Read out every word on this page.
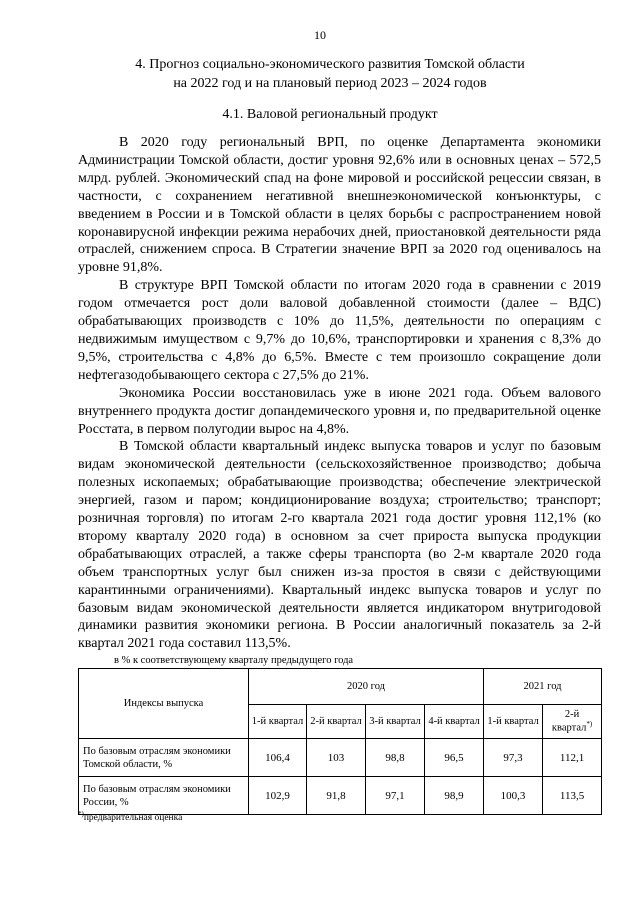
10
4. Прогноз социально-экономического развития Томской области
на 2022 год и на плановый период 2023 – 2024 годов
4.1. Валовой региональный продукт

В 2020 году региональный ВРП, по оценке Департамента экономики Администрации Томской области, достиг уровня 92,6% или в основных ценах – 572,5 млрд. рублей. Экономический спад на фоне мировой и российской рецессии связан, в частности, с сохранением негативной внешнеэкономической конъюнктуры, с введением в России и в Томской области в целях борьбы с распространением новой коронавирусной инфекции режима нерабочих дней, приостановкой деятельности ряда отраслей, снижением спроса. В Стратегии значение ВРП за 2020 год оценивалось на уровне 91,8%.

В структуре ВРП Томской области по итогам 2020 года в сравнении с 2019 годом отмечается рост доли валовой добавленной стоимости (далее – ВДС) обрабатывающих производств с 10% до 11,5%, деятельности по операциям с недвижимым имуществом с 9,7% до 10,6%, транспортировки и хранения с 8,3% до 9,5%, строительства с 4,8% до 6,5%. Вместе с тем произошло сокращение доли нефтегазодобывающего сектора с 27,5% до 21%.

Экономика России восстановилась уже в июне 2021 года. Объем валового внутреннего продукта достиг допандемического уровня и, по предварительной оценке Росстата, в первом полугодии вырос на 4,8%.

В Томской области квартальный индекс выпуска товаров и услуг по базовым видам экономической деятельности (сельскохозяйственное производство; добыча полезных ископаемых; обрабатывающие производства; обеспечение электрической энергией, газом и паром; кондиционирование воздуха; строительство; транспорт; розничная торговля) по итогам 2-го квартала 2021 года достиг уровня 112,1% (ко второму кварталу 2020 года) в основном за счет прироста выпуска продукции обрабатывающих отраслей, а также сферы транспорта (во 2-м квартале 2020 года объем транспортных услуг был снижен из-за простоя в связи с действующими карантинными ограничениями). Квартальный индекс выпуска товаров и услуг по базовым видам экономической деятельности является индикатором внутригодовой динамики развития экономики региона. В России аналогичный показатель за 2-й квартал 2021 года составил 113,5%.

в % к соответствующему кварталу предыдущего года
Индексы выпуска	2020 год				2021 год	
	1-й квартал	2-й квартал	3-й квартал	4-й квартал	1-й квартал	2-й квартал*)
По базовым отраслям экономики Томской области, %	106,4	103	98,8	96,5	97,3	112,1
По базовым отраслям экономики России, %	102,9	91,8	97,1	98,9	100,3	113,5
*)предварительная оценка
